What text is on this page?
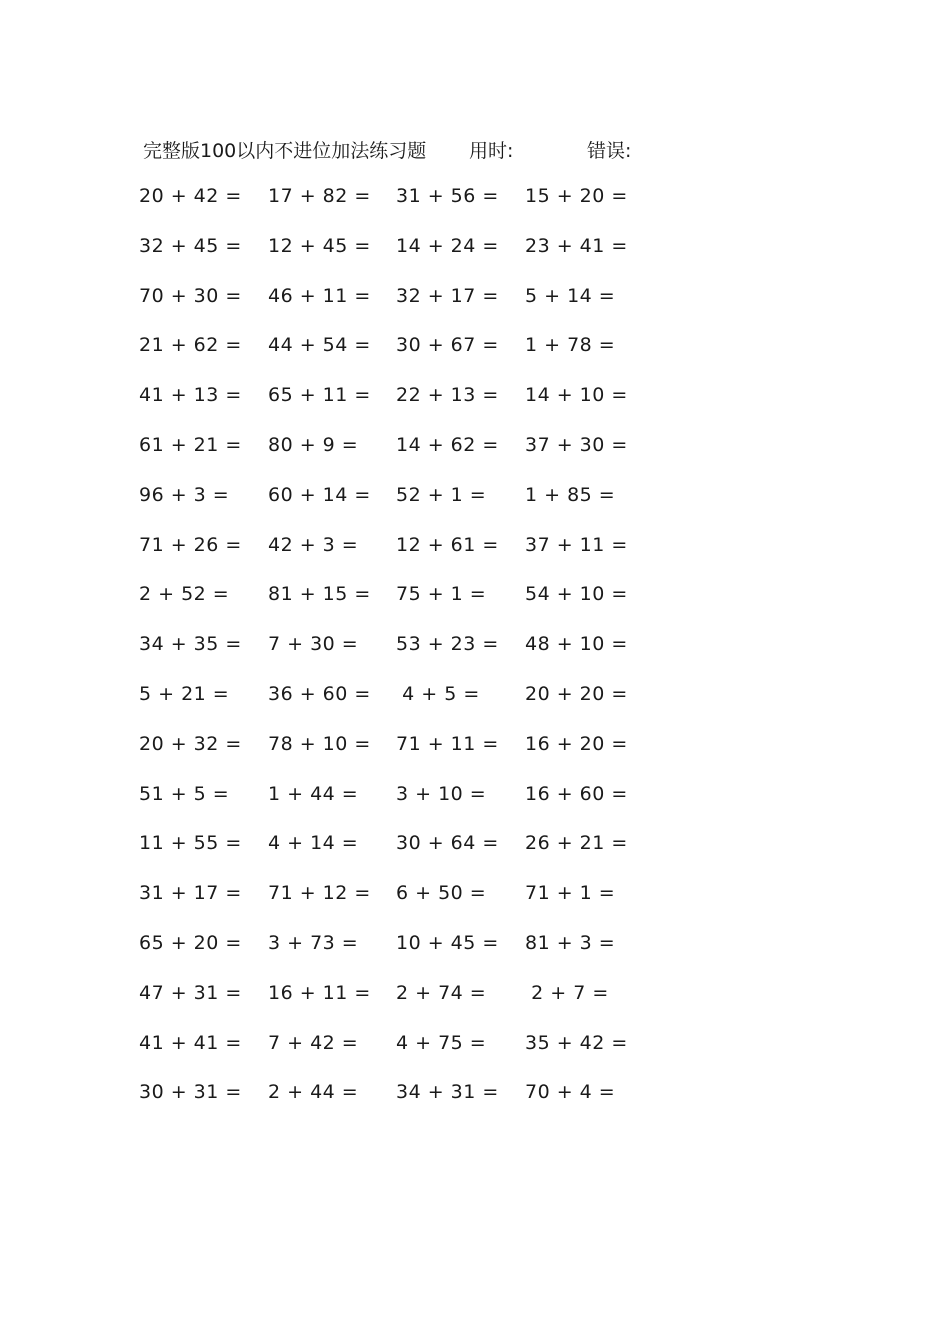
完整版100以内不进位加法练习题 用时:	错误:
20 + 42 = 17 + 82 = 31 + 56 = 15 + 20 =
32 + 45 = 12 + 45 = 14 + 24 = 23 + 41 =
70 + 30 = 46 + 11 = 32 + 17 = 5 + 14 =
21 + 62 = 44 + 54 = 30 + 67 = 1 + 78 =
41 + 13 = 65 + 11 = 22 + 13 = 14 + 10 =
61 + 21 = 80 + 9 = 14 + 62 = 37 + 30 =
96 + 3 = 60 + 14 = 52 + 1 = 1 + 85 =
71 + 26 = 42 + 3 = 12 + 61 = 37 + 11 =
2 + 52 = 81 + 15 = 75 + 1 = 54 + 10 =
34 + 35 = 7 + 30 = 53 + 23 = 48 + 10 =
5 + 21 = 36 + 60 =	4 + 5 =	20 + 20 =
20 + 32 = 78 + 10 = 71 + 11 = 16 + 20 =
51 + 5 = 1 + 44 = 3 + 10 = 16 + 60 =
11 + 55 = 4 + 14 = 30 + 64 = 26 + 21 =
31 + 17 = 71 + 12 = 6 + 50 = 71 + 1 =
65 + 20 = 3 + 73 = 10 + 45 = 81 + 3 =
47 + 31 = 16 + 11 = 2 + 74 =	2 + 7 =
41 + 41 = 7 + 42 = 4 + 75 = 35 + 42 =
30 + 31 = 2 + 44 = 34 + 31 = 70 + 4 =
